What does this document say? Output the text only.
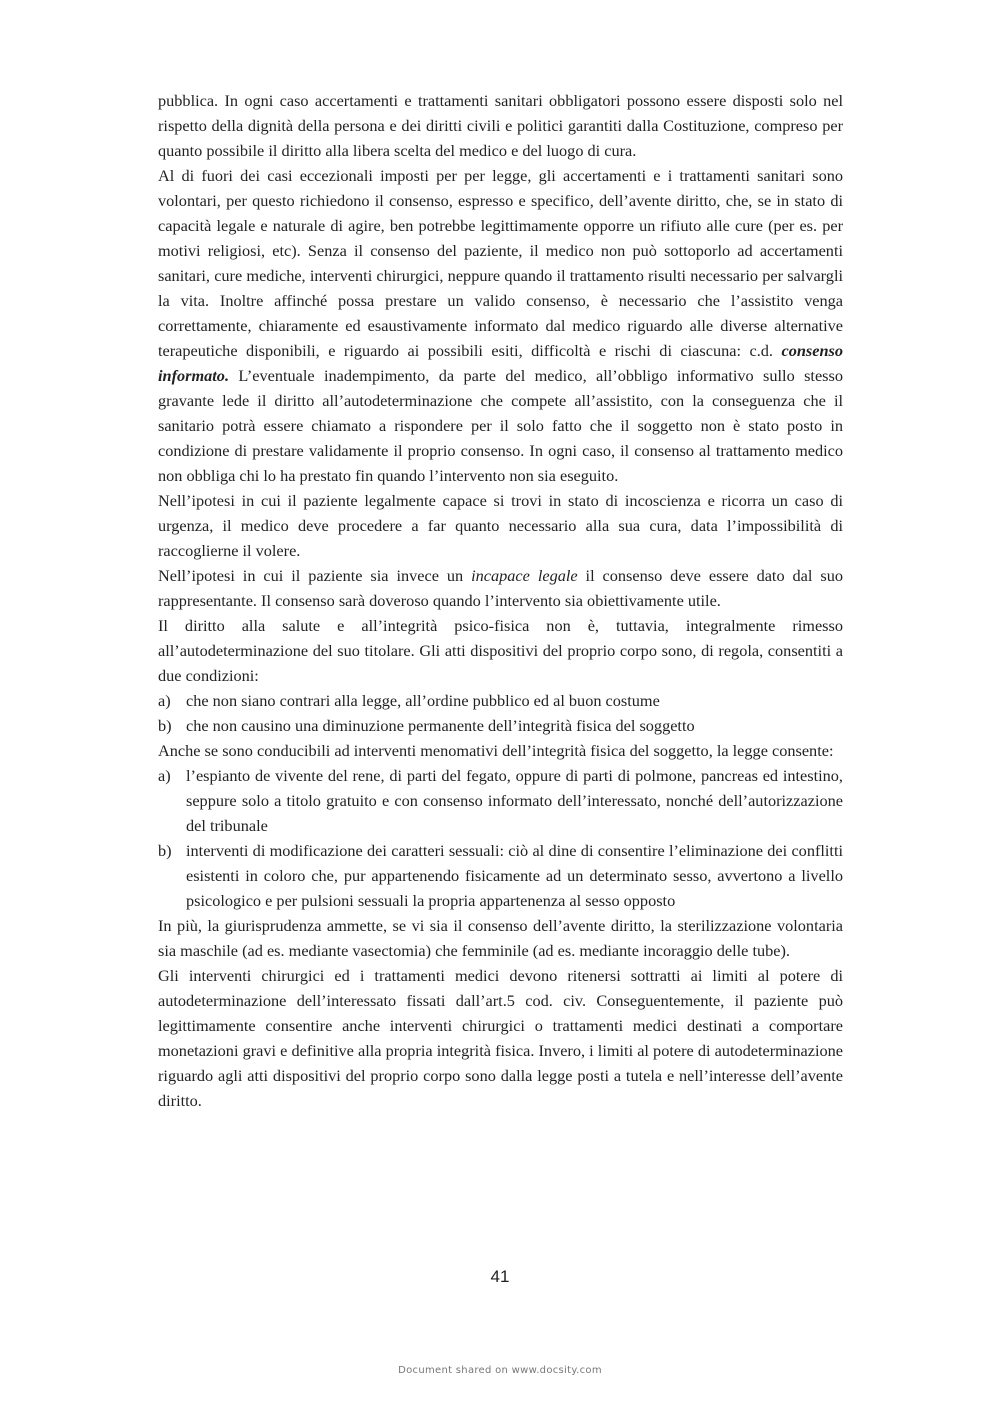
pubblica. In ogni caso accertamenti e trattamenti sanitari obbligatori possono essere disposti solo nel rispetto della dignità della persona e dei diritti civili e politici garantiti dalla Costituzione, compreso per quanto possibile il diritto alla libera scelta del medico e del luogo di cura.

Al di fuori dei casi eccezionali imposti per per legge, gli accertamenti e i trattamenti sanitari sono volontari, per questo richiedono il consenso, espresso e specifico, dell’avente diritto, che, se in stato di capacità legale e naturale di agire, ben potrebbe legittimamente opporre un rifiuto alle cure (per es. per motivi religiosi, etc). Senza il consenso del paziente, il medico non può sottoporlo ad accertamenti sanitari, cure mediche, interventi chirurgici, neppure quando il trattamento risulti necessario per salvargli la vita. Inoltre affinché possa prestare un valido consenso, è necessario che l’assistito venga correttamente, chiaramente ed esaustivamente informato dal medico riguardo alle diverse alternative terapeutiche disponibili, e riguardo ai possibili esiti, difficoltà e rischi di ciascuna: c.d. consenso informato. L’eventuale inadempimento, da parte del medico, all’obbligo informativo sullo stesso gravante lede il diritto all’autodeterminazione che compete all’assistito, con la conseguenza che il sanitario potrà essere chiamato a rispondere per il solo fatto che il soggetto non è stato posto in condizione di prestare validamente il proprio consenso. In ogni caso, il consenso al trattamento medico non obbliga chi lo ha prestato fin quando l’intervento non sia eseguito.

Nell’ipotesi in cui il paziente legalmente capace si trovi in stato di incoscienza e ricorra un caso di urgenza, il medico deve procedere a far quanto necessario alla sua cura, data l’impossibilità di raccoglierne il volere.

Nell’ipotesi in cui il paziente sia invece un incapace legale il consenso deve essere dato dal suo rappresentante. Il consenso sarà doveroso quando l’intervento sia obiettivamente utile.

Il diritto alla salute e all’integrità psico-fisica non è, tuttavia, integralmente rimesso all’autodeterminazione del suo titolare. Gli atti dispositivi del proprio corpo sono, di regola, consentiti a due condizioni:

a) che non siano contrari alla legge, all’ordine pubblico ed al buon costume
b) che non causino una diminuzione permanente dell’integrità fisica del soggetto

Anche se sono conducibili ad interventi menomativi dell’integrità fisica del soggetto, la legge consente:

a) l’espianto de vivente del rene, di parti del fegato, oppure di parti di polmone, pancreas ed intestino, seppure solo a titolo gratuito e con consenso informato dell’interessato, nonché dell’autorizzazione del tribunale
b) interventi di modificazione dei caratteri sessuali: ciò al dine di consentire l’eliminazione dei conflitti esistenti in coloro che, pur appartenendo fisicamente ad un determinato sesso, avvertono a livello psicologico e per pulsioni sessuali la propria appartenenza al sesso opposto

In più, la giurisprudenza ammette, se vi sia il consenso dell’avente diritto, la sterilizzazione volontaria sia maschile (ad es. mediante vasectomia) che femminile (ad es. mediante incoraggio delle tube).

Gli interventi chirurgici ed i trattamenti medici devono ritenersi sottratti ai limiti al potere di autodeterminazione dell’interessato fissati dall’art.5 cod. civ. Conseguentemente, il paziente può legittimamente consentire anche interventi chirurgici o trattamenti medici destinati a comportare monetazioni gravi e definitive alla propria integrità fisica. Invero, i limiti al potere di autodeterminazione riguardo agli atti dispositivi del proprio corpo sono dalla legge posti a tutela e nell’interesse dell’avente diritto.

41
Document shared on www.docsity.com
